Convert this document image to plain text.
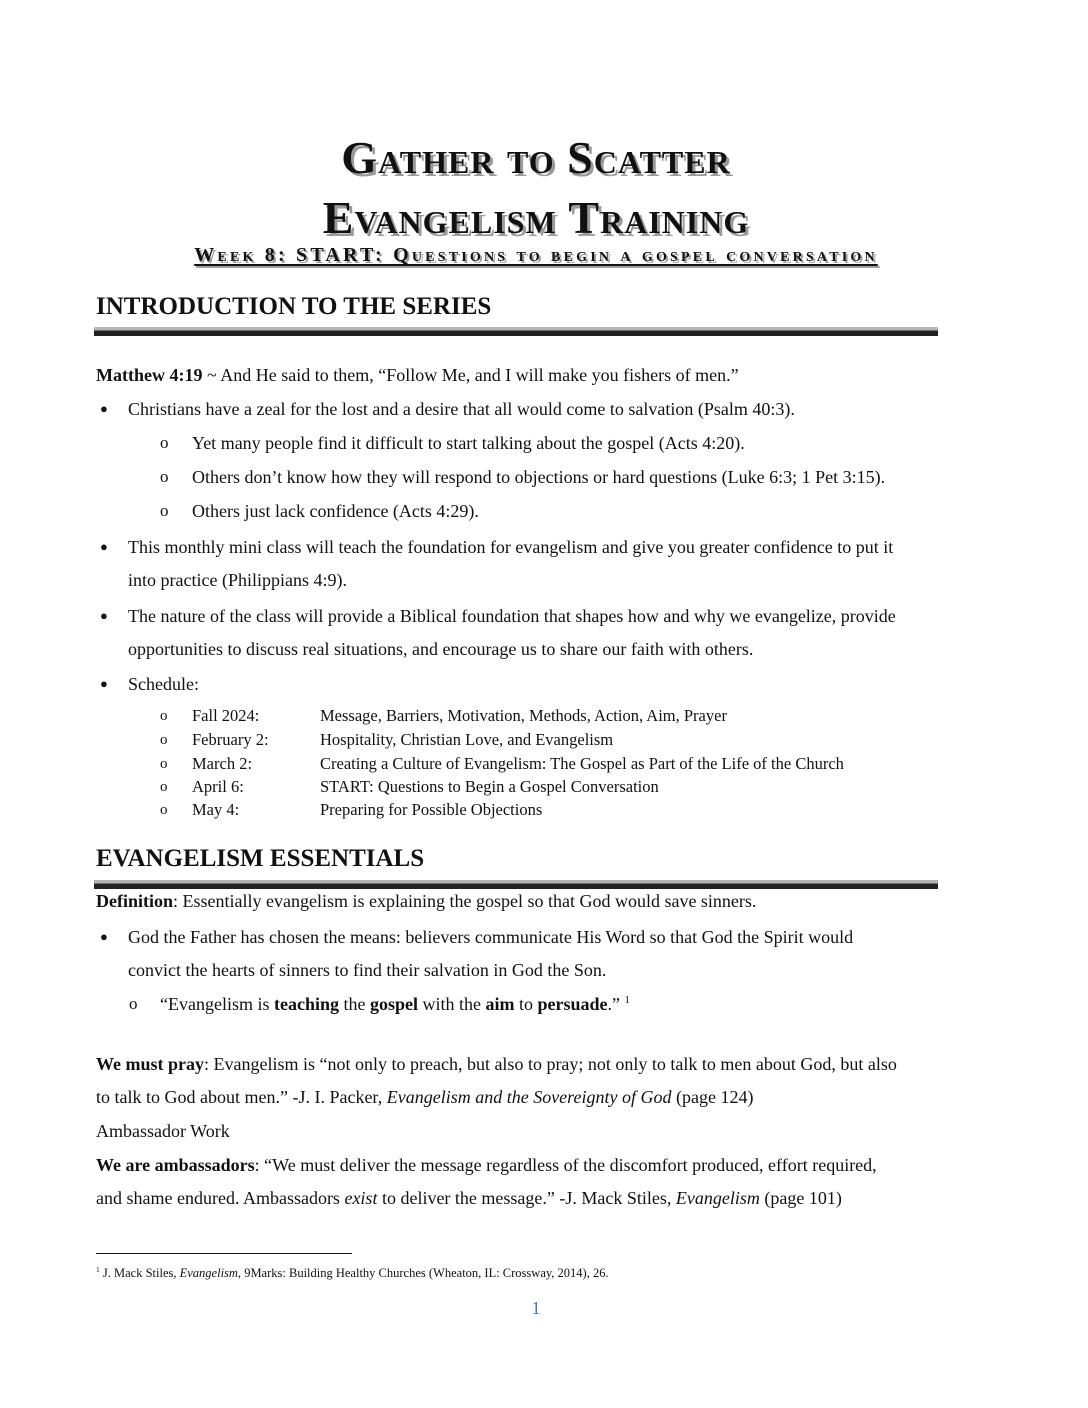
Gather to Scatter
Evangelism Training
Week 8: START: Questions to begin a gospel conversation
INTRODUCTION TO THE SERIES
Matthew 4:19 ~ And He said to them, “Follow Me, and I will make you fishers of men.”
● Christians have a zeal for the lost and a desire that all would come to salvation (Psalm 40:3).
o Yet many people find it difficult to start talking about the gospel (Acts 4:20).
o Others don’t know how they will respond to objections or hard questions (Luke 6:3; 1 Pet 3:15).
o Others just lack confidence (Acts 4:29).
● This monthly mini class will teach the foundation for evangelism and give you greater confidence to put it
into practice (Philippians 4:9).
● The nature of the class will provide a Biblical foundation that shapes how and why we evangelize, provide
opportunities to discuss real situations, and encourage us to share our faith with others.
● Schedule:
o Fall 2024:	Message, Barriers, Motivation, Methods, Action, Aim, Prayer
o February 2:	Hospitality, Christian Love, and Evangelism
o March 2:	Creating a Culture of Evangelism: The Gospel as Part of the Life of the Church
o April 6:	START: Questions to Begin a Gospel Conversation
o May 4:	Preparing for Possible Objections
EVANGELISM ESSENTIALS
Definition: Essentially evangelism is explaining the gospel so that God would save sinners.
● God the Father has chosen the means: believers communicate His Word so that God the Spirit would
convict the hearts of sinners to find their salvation in God the Son.
o “Evangelism is teaching the gospel with the aim to persuade.” $^1$
We must pray: Evangelism is “not only to preach, but also to pray; not only to talk to men about God, but also
to talk to God about men.” -J. I. Packer, Evangelism and the Sovereignty of God (page 124)
Ambassador Work
We are ambassadors: “We must deliver the message regardless of the discomfort produced, effort required,
and shame endured. Ambassadors exist to deliver the message.” -J. Mack Stiles, Evangelism (page 101)
$^1$ J. Mack Stiles, Evangelism, 9Marks: Building Healthy Churches (Wheaton, IL: Crossway, 2014), 26.
1
